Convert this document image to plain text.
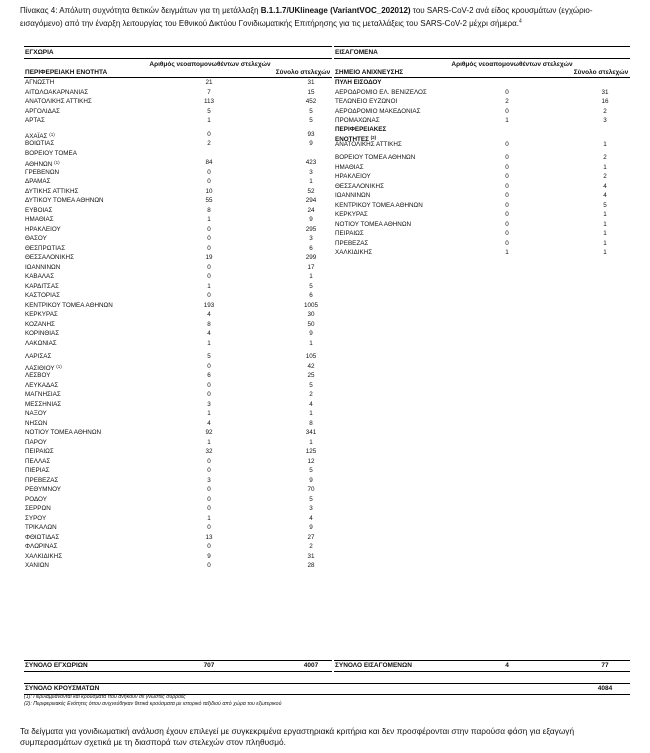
Πίνακας 4: Απόλυτη συχνότητα θετικών δειγμάτων για τη μετάλλαξη B.1.1.7/UKlineage (VariantVOC_202012) του SARS-CoV-2 ανά είδος κρουσμάτων (εγχώριο-εισαγόμενο) από την έναρξη λειτουργίας του Εθνικού Δικτύου Γονιδιωματικής Επιτήρησης για τις μεταλλάξεις του SARS-CoV-2 μέχρι σήμερα.$^4$
ΕΓΧΩΡΙΑ
ΠΕΡΙΦΕΡΕΙΑΚΗ ΕΝΟΤΗΤΑ
Αριθμός νεοαπομονωθέντων στελεχών
Σύνολο στελεχών
ΑΓΝΩΣΤΗ	21	31
ΑΙΤΩΛΟΑΚΑΡΝΑΝΙΑΣ	7	15
ΑΝΑΤΟΛΙΚΗΣ ΑΤΤΙΚΗΣ	113	452
ΑΡΓΟΛΙΔΑΣ	5	5
ΑΡΤΑΣ	1	5
ΑΧΑΪΑΣ $^{(1)}$	0	93
ΒΟΙΩΤΙΑΣ	2	9
ΒΟΡΕΙΟΥ ΤΟΜΕΑ
ΑΘΗΝΩΝ $^{(1)}$	84	423
ΓΡΕΒΕΝΩΝ	0	3
ΔΡΑΜΑΣ	0	1
ΔΥΤΙΚΗΣ ΑΤΤΙΚΗΣ	10	52
ΔΥΤΙΚΟΥ ΤΟΜΕΑ ΑΘΗΝΩΝ	55	294
ΕΥΒΟΙΑΣ	8	24
ΗΜΑΘΙΑΣ	1	9
ΗΡΑΚΛΕΙΟΥ	0	295
ΘΑΣΟΥ	0	3
ΘΕΣΠΡΩΤΙΑΣ	0	6
ΘΕΣΣΑΛΟΝΙΚΗΣ	19	299
ΙΩΑΝΝΙΝΩΝ	0	17
ΚΑΒΑΛΑΣ	0	1
ΚΑΡΔΙΤΣΑΣ	1	5
ΚΑΣΤΟΡΙΑΣ	0	6
ΚΕΝΤΡΙΚΟΥ ΤΟΜΕΑ ΑΘΗΝΩΝ	193	1005
ΚΕΡΚΥΡΑΣ	4	30
ΚΟΖΑΝΗΣ	8	50
ΚΟΡΙΝΘΙΑΣ	4	9
ΛΑΚΩΝΙΑΣ	1	1
ΛΑΡΙΣΑΣ	5	105
ΛΑΣΙΘΙΟΥ $^{(1)}$	0	42
ΛΕΣΒΟΥ	6	25
ΛΕΥΚΑΔΑΣ	0	5
ΜΑΓΝΗΣΙΑΣ	0	2
ΜΕΣΣΗΝΙΑΣ	3	4
ΝΑΞΟΥ	1	1
ΝΗΣΩΝ	4	8
ΝΟΤΙΟΥ ΤΟΜΕΑ ΑΘΗΝΩΝ	92	341
ΠΑΡΟΥ	1	1
ΠΕΙΡΑΙΩΣ	32	125
ΠΕΛΛΑΣ	0	12
ΠΙΕΡΙΑΣ	0	5
ΠΡΕΒΕΖΑΣ	3	9
ΡΕΘΥΜΝΟΥ	0	70
ΡΟΔΟΥ	0	5
ΣΕΡΡΩΝ	0	3
ΣΥΡΟΥ	1	4
ΤΡΙΚΑΛΩΝ	0	9
ΦΘΙΩΤΙΔΑΣ	13	27
ΦΛΩΡΙΝΑΣ	0	2
ΧΑΛΚΙΔΙΚΗΣ	9	31
ΧΑΝΙΩΝ	0	28
ΕΙΣΑΓΟΜΕΝΑ
ΣΗΜΕΙΟ ΑΝΙΧΝΕΥΣΗΣ
Αριθμός νεοαπομονωθέντων στελεχών
Σύνολο στελεχών
ΠΥΛΗ ΕΙΣΟΔΟΥ
ΑΕΡΟΔΡΟΜΙΟ ΕΛ. ΒΕΝΙΖΕΛΟΣ	0	31
ΤΕΛΩΝΕΙΟ ΕΥΖΩΝΟΙ	2	16
ΑΕΡΟΔΡΟΜΙΟ ΜΑΚΕΔΟΝΙΑΣ	0	2
ΠΡΟΜΑΧΩΝΑΣ	1	3
ΠΕΡΙΦΕΡΕΙΑΚΕΣ ΕΝΟΤΗΤΕΣ $^{(2)}$
ΑΝΑΤΟΛΙΚΗΣ ΑΤΤΙΚΗΣ	0	1
ΒΟΡΕΙΟΥ ΤΟΜΕΑ ΑΘΗΝΩΝ	0	2
ΗΜΑΘΙΑΣ	0	1
ΗΡΑΚΛΕΙΟΥ	0	2
ΘΕΣΣΑΛΟΝΙΚΗΣ	0	4
ΙΩΑΝΝΙΝΩΝ	0	4
ΚΕΝΤΡΙΚΟΥ ΤΟΜΕΑ ΑΘΗΝΩΝ	0	5
ΚΕΡΚΥΡΑΣ	0	1
ΝΟΤΙΟΥ ΤΟΜΕΑ ΑΘΗΝΩΝ	0	1
ΠΕΙΡΑΙΩΣ	0	1
ΠΡΕΒΕΖΑΣ	0	1
ΧΑΛΚΙΔΙΚΗΣ	1	1
ΣΥΝΟΛΟ ΕΓΧΩΡΙΩΝ	707	4007	ΣΥΝΟΛΟ ΕΙΣΑΓΟΜΕΝΩΝ	4	77
ΣΥΝΟΛΟ ΚΡΟΥΣΜΑΤΩΝ	4084
(1): Περιλαμβάνονται και κρούσματα που ανήκουν σε γνωστές συρροές
(2): Περιφερειακές Ενότητες όπου ανιχνεύθηκαν θετικά κρούσματα με ιστορικό ταξιδιού από χώρα του εξωτερικού
Τα δείγματα για γονιδιωματική ανάλυση έχουν επιλεγεί με συγκεκριμένα εργαστηριακά κριτήρια και δεν προσφέρονται στην παρούσα φάση για εξαγωγή συμπερασμάτων σχετικά με τη διασπορά των στελεχών στον πληθυσμό.
